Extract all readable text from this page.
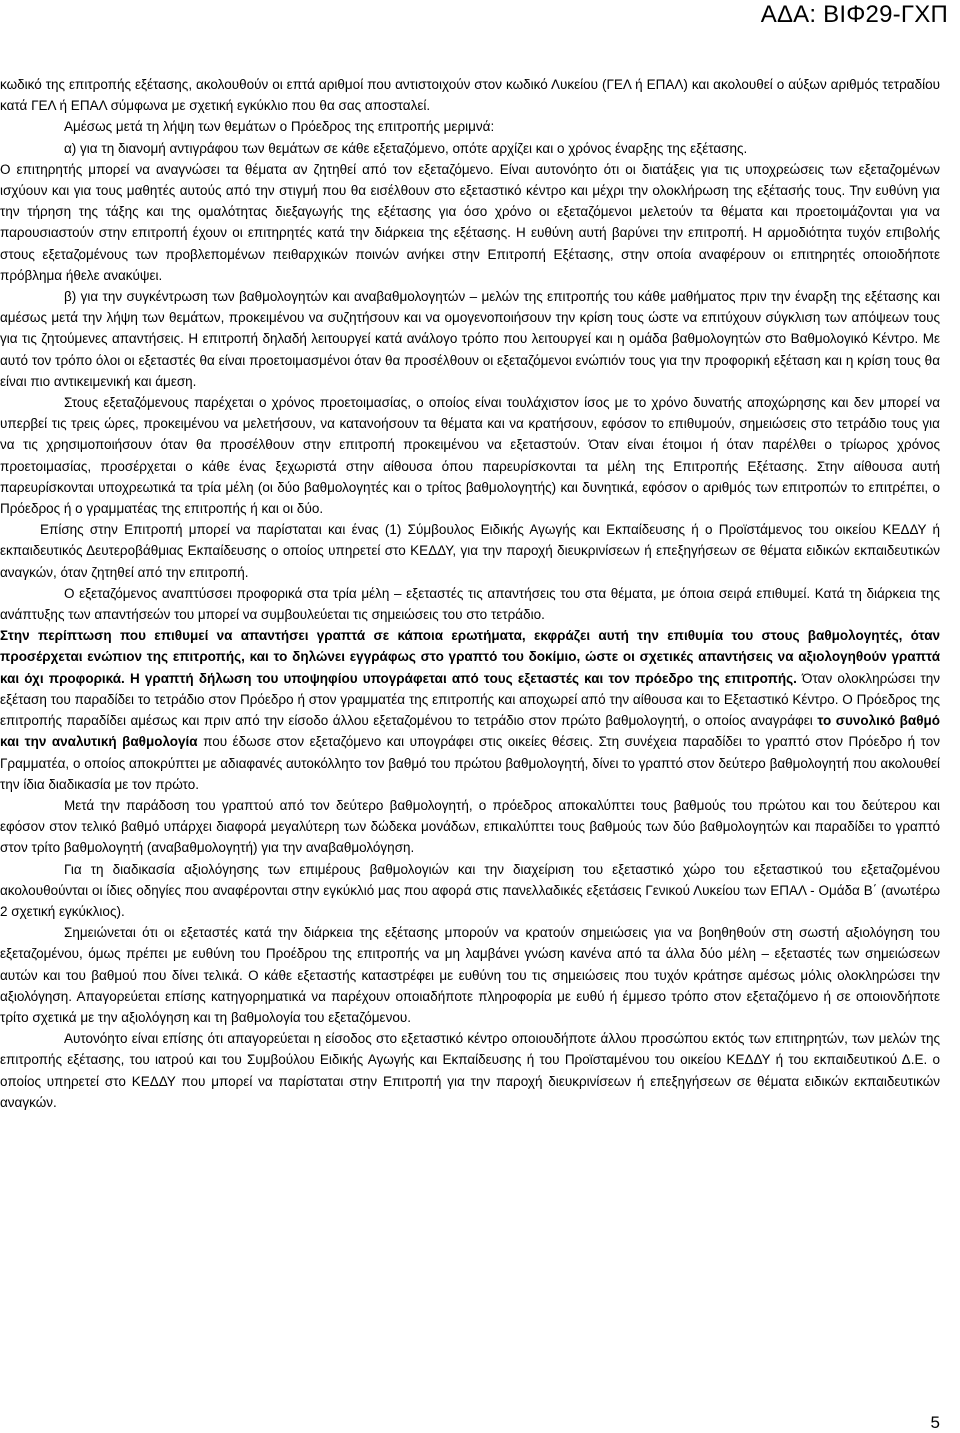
ΑΔΑ: ΒΙΦ29-ΓΧΠ

κωδικό της επιτροπής εξέτασης, ακολουθούν οι επτά αριθμοί που αντιστοιχούν στον κωδικό Λυκείου (ΓΕΛ ή ΕΠΑΛ) και ακολουθεί ο αύξων αριθμός τετραδίου κατά ΓΕΛ ή ΕΠΑΛ σύμφωνα με σχετική εγκύκλιο που θα σας αποσταλεί.

Αμέσως μετά τη λήψη των θεμάτων ο Πρόεδρος της επιτροπής μεριμνά:

α) για τη διανομή αντιγράφου των θεμάτων σε κάθε εξεταζόμενο, οπότε αρχίζει και ο χρόνος έναρξης της εξέτασης.

Ο επιτηρητής μπορεί να αναγνώσει τα θέματα αν ζητηθεί από τον εξεταζόμενο. Είναι αυτονόητο ότι οι διατάξεις για τις υποχρεώσεις των εξεταζομένων ισχύουν και για τους μαθητές αυτούς από την στιγμή που θα εισέλθουν στο εξεταστικό κέντρο και μέχρι την ολοκλήρωση της εξέτασής τους. Την ευθύνη για την τήρηση της τάξης και της ομαλότητας διεξαγωγής της εξέτασης για όσο χρόνο οι εξεταζόμενοι μελετούν τα θέματα και προετοιμάζονται για να παρουσιαστούν στην επιτροπή έχουν οι επιτηρητές κατά την διάρκεια της εξέτασης. Η ευθύνη αυτή βαρύνει την επιτροπή. Η αρμοδιότητα τυχόν επιβολής στους εξεταζομένους των προβλεπομένων πειθαρχικών ποινών ανήκει στην Επιτροπή Εξέτασης, στην οποία αναφέρουν οι επιτηρητές οποιοδήποτε πρόβλημα ήθελε ανακύψει.

β) για την συγκέντρωση των βαθμολογητών και αναβαθμολογητών – μελών της επιτροπής του κάθε μαθήματος πριν την έναρξη της εξέτασης και αμέσως μετά την λήψη των θεμάτων, προκειμένου να συζητήσουν και να ομογενοποιήσουν την κρίση τους ώστε να επιτύχουν σύγκλιση των απόψεων τους για τις ζητούμενες απαντήσεις. Η επιτροπή δηλαδή λειτουργεί κατά ανάλογο τρόπο που λειτουργεί και η ομάδα βαθμολογητών στο Βαθμολογικό Κέντρο. Με αυτό τον τρόπο όλοι οι εξεταστές θα είναι προετοιμασμένοι όταν θα προσέλθουν οι εξεταζόμενοι ενώπιόν τους για την προφορική εξέταση και η κρίση τους θα είναι πιο αντικειμενική και άμεση.

Στους εξεταζόμενους παρέχεται ο χρόνος προετοιμασίας, ο οποίος είναι τουλάχιστον ίσος με το χρόνο δυνατής αποχώρησης και δεν μπορεί να υπερβεί τις τρεις ώρες, προκειμένου να μελετήσουν, να κατανοήσουν τα θέματα και να κρατήσουν, εφόσον το επιθυμούν, σημειώσεις στο τετράδιο τους για να τις χρησιμοποιήσουν όταν θα προσέλθουν στην επιτροπή προκειμένου να εξεταστούν. Όταν είναι έτοιμοι ή όταν παρέλθει ο τρίωρος χρόνος προετοιμασίας, προσέρχεται ο κάθε ένας ξεχωριστά στην αίθουσα όπου παρευρίσκονται τα μέλη της Επιτροπής Εξέτασης. Στην αίθουσα αυτή παρευρίσκονται υποχρεωτικά τα τρία μέλη (οι δύο βαθμολογητές και ο τρίτος βαθμολογητής) και δυνητικά, εφόσον ο αριθμός των επιτροπών το επιτρέπει, ο Πρόεδρος ή ο γραμματέας της επιτροπής ή και οι δύο.

Επίσης στην Επιτροπή μπορεί να παρίσταται και ένας (1) Σύμβουλος Ειδικής Αγωγής και Εκπαίδευσης ή ο Προϊστάμενος του οικείου ΚΕΔΔΥ ή εκπαιδευτικός Δευτεροβάθμιας Εκπαίδευσης ο οποίος υπηρετεί στο ΚΕΔΔΥ, για την παροχή διευκρινίσεων ή επεξηγήσεων σε θέματα ειδικών εκπαιδευτικών αναγκών, όταν ζητηθεί από την επιτροπή.

Ο εξεταζόμενος αναπτύσσει προφορικά στα τρία μέλη – εξεταστές τις απαντήσεις του στα θέματα, με όποια σειρά επιθυμεί. Κατά τη διάρκεια της ανάπτυξης των απαντήσεών του μπορεί να συμβουλεύεται τις σημειώσεις του στο τετράδιο.

Στην περίπτωση που επιθυμεί να απαντήσει γραπτά σε κάποια ερωτήματα, εκφράζει αυτή την επιθυμία του στους βαθμολογητές, όταν προσέρχεται ενώπιον της επιτροπής, και το δηλώνει εγγράφως στο γραπτό του δοκίμιο, ώστε οι σχετικές απαντήσεις να αξιολογηθούν γραπτά και όχι προφορικά. Η γραπτή δήλωση του υποψηφίου υπογράφεται από τους εξεταστές και τον πρόεδρο της επιτροπής. Όταν ολοκληρώσει την εξέταση του παραδίδει το τετράδιο στον Πρόεδρο ή στον γραμματέα της επιτροπής και αποχωρεί από την αίθουσα και το Εξεταστικό Κέντρο. Ο Πρόεδρος της επιτροπής παραδίδει αμέσως και πριν από την είσοδο άλλου εξεταζομένου το τετράδιο στον πρώτο βαθμολογητή, ο οποίος αναγράφει το συνολικό βαθμό και την αναλυτική βαθμολογία που έδωσε στον εξεταζόμενο και υπογράφει στις οικείες θέσεις. Στη συνέχεια παραδίδει το γραπτό στον Πρόεδρο ή τον Γραμματέα, ο οποίος αποκρύπτει με αδιαφανές αυτοκόλλητο τον βαθμό του πρώτου βαθμολογητή, δίνει το γραπτό στον δεύτερο βαθμολογητή που ακολουθεί την ίδια διαδικασία με τον πρώτο.

Μετά την παράδοση του γραπτού από τον δεύτερο βαθμολογητή, ο πρόεδρος αποκαλύπτει τους βαθμούς του πρώτου και του δεύτερου και εφόσον στον τελικό βαθμό υπάρχει διαφορά μεγαλύτερη των δώδεκα μονάδων, επικαλύπτει τους βαθμούς των δύο βαθμολογητών και παραδίδει το γραπτό στον τρίτο βαθμολογητή (αναβαθμολογητή) για την αναβαθμολόγηση.

Για τη διαδικασία αξιολόγησης των επιμέρους βαθμολογιών και την διαχείριση του εξεταστικό χώρο του εξεταστικού του εξεταζομένου ακολουθούνται οι ίδιες οδηγίες που αναφέρονται στην εγκύκλιό μας που αφορά στις πανελλαδικές εξετάσεις Γενικού Λυκείου των ΕΠΑΛ - Ομάδα Β΄ (ανωτέρω 2 σχετική εγκύκλιος).

Σημειώνεται ότι οι εξεταστές κατά την διάρκεια της εξέτασης μπορούν να κρατούν σημειώσεις για να βοηθηθούν στη σωστή αξιολόγηση του εξεταζομένου, όμως πρέπει με ευθύνη του Προέδρου της επιτροπής να μη λαμβάνει γνώση κανένα από τα άλλα δύο μέλη – εξεταστές των σημειώσεων αυτών και του βαθμού που δίνει τελικά. Ο κάθε εξεταστής καταστρέφει με ευθύνη του τις σημειώσεις που τυχόν κράτησε αμέσως μόλις ολοκληρώσει την αξιολόγηση. Απαγορεύεται επίσης κατηγορηματικά να παρέχουν οποιαδήποτε πληροφορία με ευθύ ή έμμεσο τρόπο στον εξεταζόμενο ή σε οποιονδήποτε τρίτο σχετικά με την αξιολόγηση και τη βαθμολογία του εξεταζόμενου.

Αυτονόητο είναι επίσης ότι απαγορεύεται η είσοδος στο εξεταστικό κέντρο οποιουδήποτε άλλου προσώπου εκτός των επιτηρητών, των μελών της επιτροπής εξέτασης, του ιατρού και του Συμβούλου Ειδικής Αγωγής και Εκπαίδευσης ή του Προϊσταμένου του οικείου ΚΕΔΔΥ ή του εκπαιδευτικού Δ.Ε. ο οποίος υπηρετεί στο ΚΕΔΔΥ που μπορεί να παρίσταται στην Επιτροπή για την παροχή διευκρινίσεων ή επεξηγήσεων σε θέματα ειδικών εκπαιδευτικών αναγκών.

5
